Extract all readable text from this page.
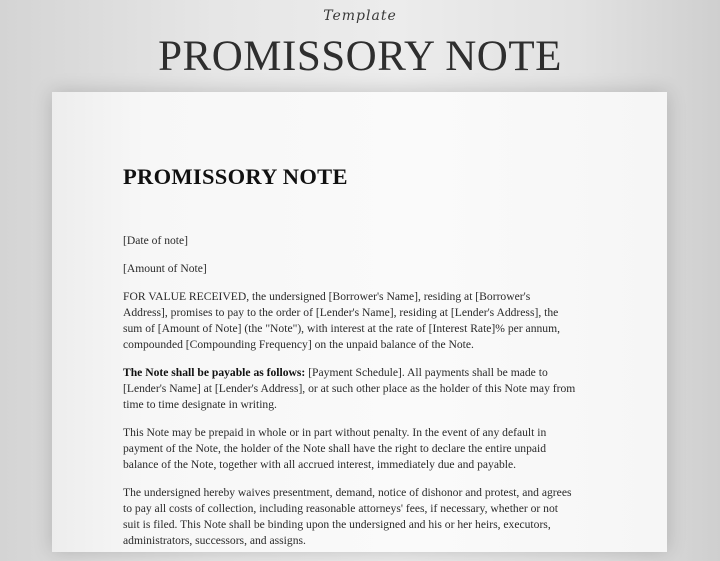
Template
PROMISSORY NOTE
PROMISSORY NOTE
[Date of note]
[Amount of Note]
FOR VALUE RECEIVED, the undersigned [Borrower's Name], residing at [Borrower's
Address], promises to pay to the order of [Lender's Name], residing at [Lender's Address], the
sum of [Amount of Note] (the "Note"), with interest at the rate of [Interest Rate]% per annum,
compounded [Compounding Frequency] on the unpaid balance of the Note.
The Note shall be payable as follows: [Payment Schedule]. All payments shall be made to
[Lender's Name] at [Lender's Address], or at such other place as the holder of this Note may from
time to time designate in writing.
This Note may be prepaid in whole or in part without penalty. In the event of any default in
payment of the Note, the holder of the Note shall have the right to declare the entire unpaid
balance of the Note, together with all accrued interest, immediately due and payable.
The undersigned hereby waives presentment, demand, notice of dishonor and protest, and agrees
to pay all costs of collection, including reasonable attorneys' fees, if necessary, whether or not
suit is filed. This Note shall be binding upon the undersigned and his or her heirs, executors,
administrators, successors, and assigns.
